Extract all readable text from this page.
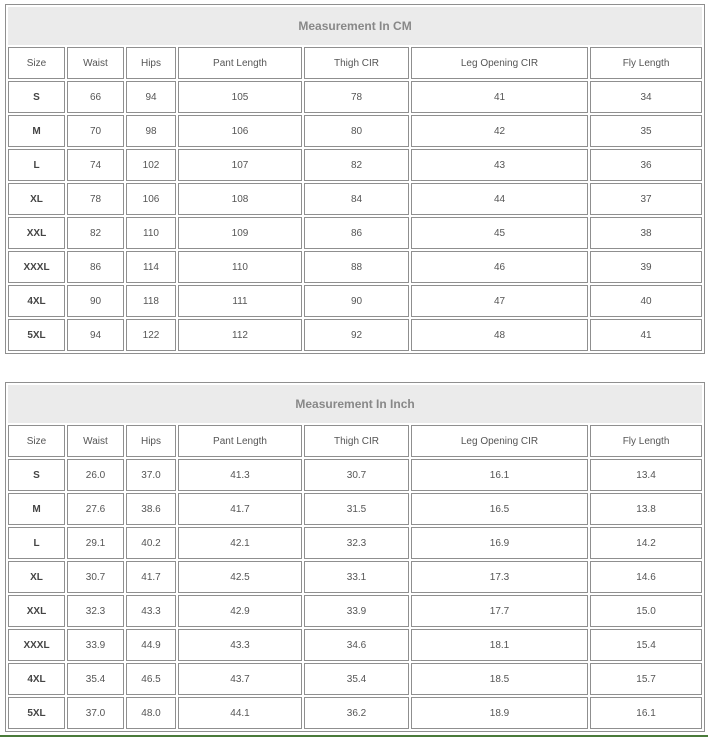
Measurement In CM						
Size	Waist	Hips	Pant Length	Thigh CIR	Leg Opening CIR	Fly Length
S	66	94	105	78	41	34
M	70	98	106	80	42	35
L	74	102	107	82	43	36
XL	78	106	108	84	44	37
XXL	82	110	109	86	45	38
XXXL	86	114	110	88	46	39
4XL	90	118	111	90	47	40
5XL	94	122	112	92	48	41
Measurement In Inch						
Size	Waist	Hips	Pant Length	Thigh CIR	Leg Opening CIR	Fly Length
S	26.0	37.0	41.3	30.7	16.1	13.4
M	27.6	38.6	41.7	31.5	16.5	13.8
L	29.1	40.2	42.1	32.3	16.9	14.2
XL	30.7	41.7	42.5	33.1	17.3	14.6
XXL	32.3	43.3	42.9	33.9	17.7	15.0
XXXL	33.9	44.9	43.3	34.6	18.1	15.4
4XL	35.4	46.5	43.7	35.4	18.5	15.7
5XL	37.0	48.0	44.1	36.2	18.9	16.1
